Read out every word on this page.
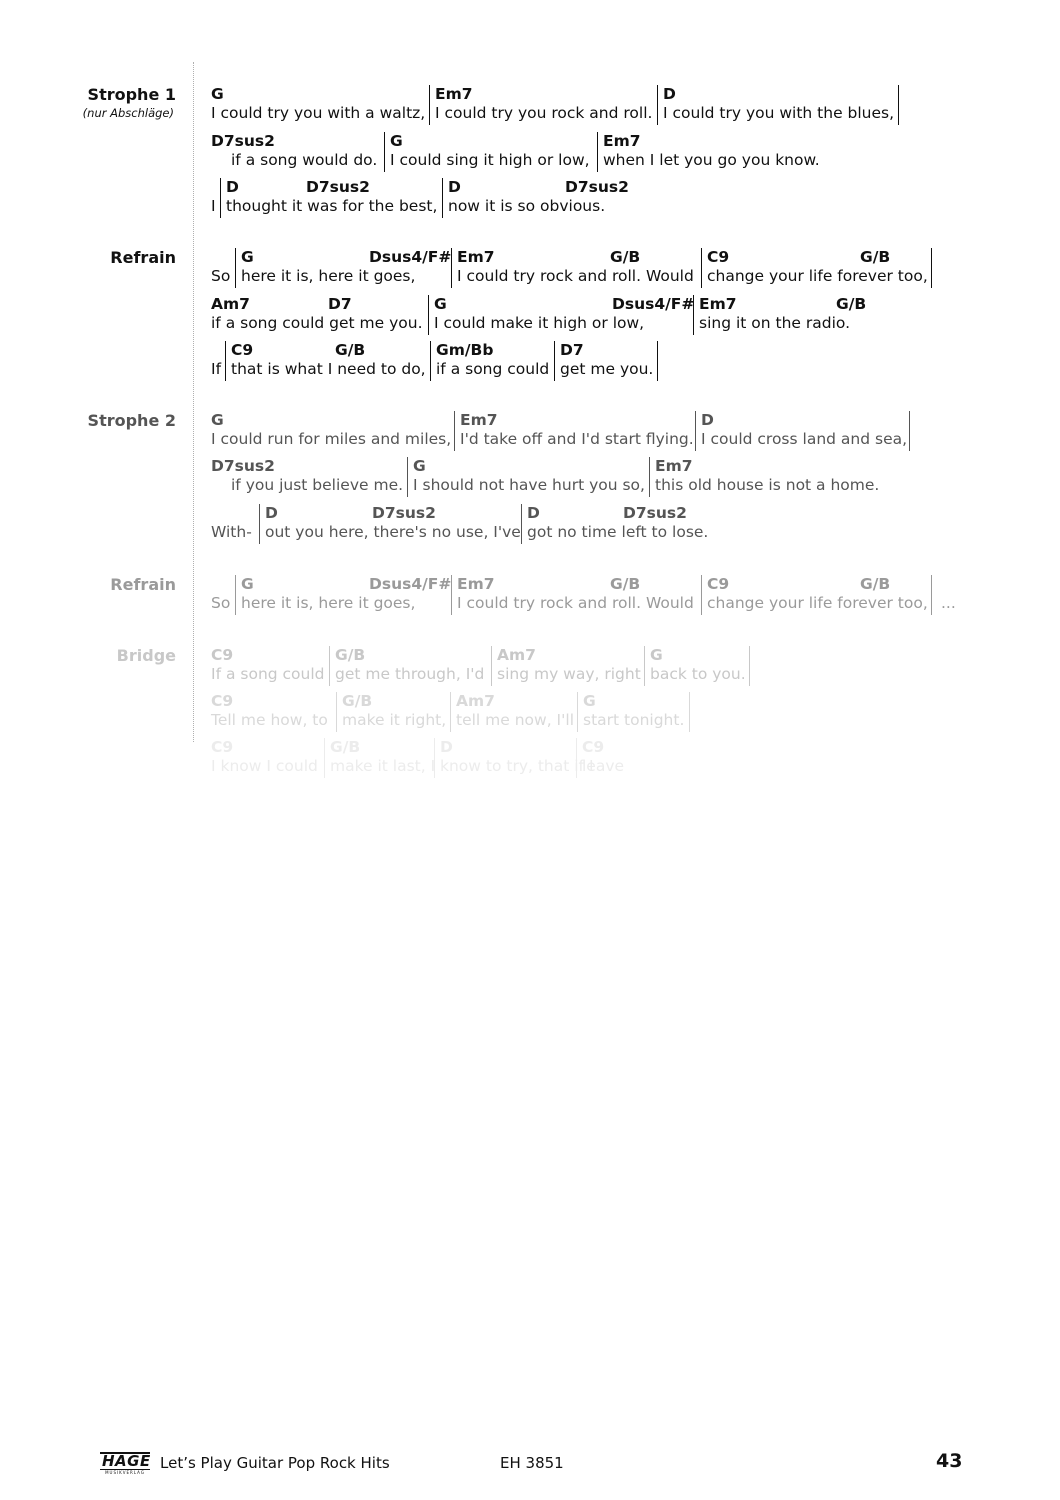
Strophe 1
(nur Abschläge)
G
I could try you with a waltz,
Em7
I could try you rock and roll.
D
I could try you with the blues,
D7sus2
if a song would do.
G
I could sing it high or low,
Em7
when I let you go you know.
I
D	D7sus2
thought it was for the best,
D	D7sus2
now it is so obvious.
Refrain
So
G	Dsus4/F#
here it is, here it goes,
Em7	G/B
I could try rock and roll. Would
C9	G/B
change your life forever too,
Am7	D7
if a song could get me you.
G	Dsus4/F#
I could make it high or low,
Em7	G/B
sing it on the radio.
If
C9	G/B
that is what I need to do,
Gm/Bb
if a song could
D7
get me you.
Strophe 2 G
I could run for miles and miles,
Em7
I'd take off and I'd start flying.
D
I could cross land and sea,
D7sus2
if you just believe me.
G
I should not have hurt you so,
Em7
this old house is not a home.
With-
D	D7sus2
out you here, there's no use, I've
D	D7sus2
got no time left to lose.
Refrain
So
G	Dsus4/F#
here it is, here it goes,
Em7	G/B
I could try rock and roll. Would
C9	G/B
change your life forever too, ...
Bridge C9
If a song could
G/B
get me through, I'd
Am7
sing my way, right
G
back to you.
C9
Tell me how, to
G/B
make it right,
Am7
tell me now, I'll
G
start tonight.
C9
I know I could
G/B
make it last, I
D
know to try, that if I
C9
leave
HAGE
MUSIKVERLAG
Let’s Play Guitar Pop Rock Hits	EH 3851	43
